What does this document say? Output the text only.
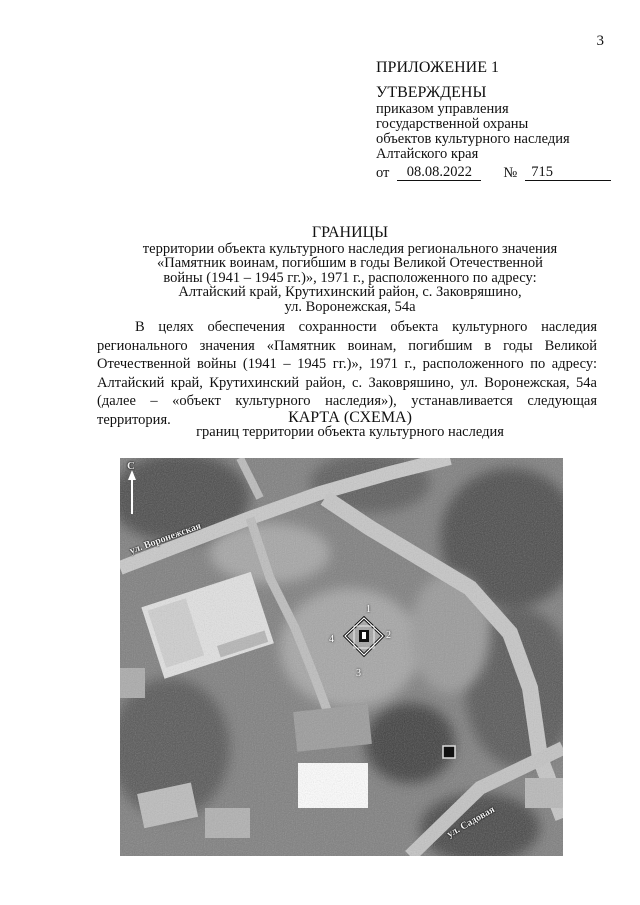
3
ПРИЛОЖЕНИЕ 1
УТВЕРЖДЕНЫ
приказом управления
государственной охраны
объектов культурного наследия
Алтайского края
от	08.08.2022	№ 715
ГРАНИЦЫ
территории объекта культурного наследия регионального значения
«Памятник воинам, погибшим в годы Великой Отечественной
войны (1941 – 1945 гг.)», 1971 г., расположенного по адресу:
Алтайский край, Крутихинский район, с. Заковряшино,
ул. Воронежская, 54а
В целях обеспечения сохранности объекта культурного наследия регионального значения «Памятник воинам, погибшим в годы Великой Отечественной войны (1941 – 1945 гг.)», 1971 г., расположенного по адресу: Алтайский край, Крутихинский район, с. Заковряшино, ул. Воронежская, 54а (далее – «объект культурного наследия»), устанавливается следующая территория.	КАРТА (СХЕМА)
границ территории объекта культурного наследия
С
ул. Воронежская
ул. Садовая
1
2
3
4
